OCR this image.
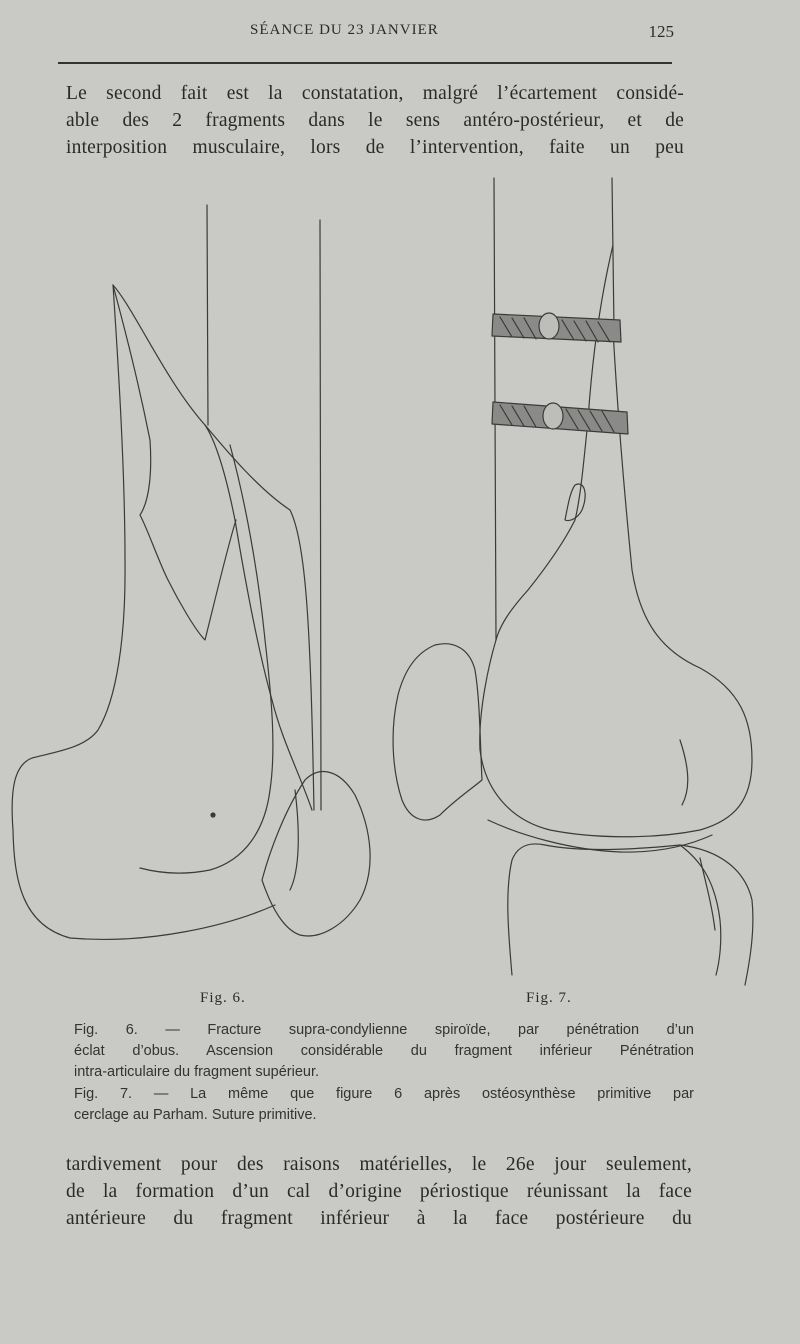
SÉANCE DU 23 JANVIER	125
Le second fait est la constatation, malgré l’écartement considé-
able des 2 fragments dans le sens antéro-postérieur, et de
interposition musculaire, lors de l’intervention, faite un peu
Fig. 6.	Fig. 7.
Fig. 6. — Fracture supra-condylienne spiroïde, par pénétration d’un
éclat d’obus. Ascension considérable du fragment inférieur Pénétration
intra-articulaire du fragment supérieur.
Fig. 7. — La même que figure 6 après ostéosynthèse primitive par
cerclage au Parham. Suture primitive.
tardivement pour des raisons matérielles, le 26e jour seulement,
de la formation d’un cal d’origine périostique réunissant la face
antérieure du fragment inférieur à la face postérieure du
